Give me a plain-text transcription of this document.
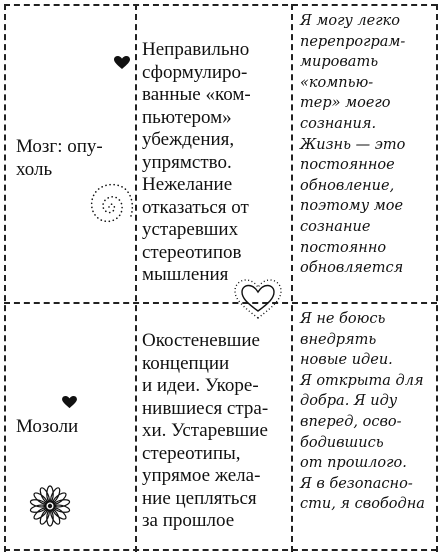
Мозг: опу-
холь
Неправильно
сформулиро-
ванные «ком-
пьютером»
убеждения,
упрямство.
Нежелание
отказаться от
устаревших
стереотипов
мышления
Я могу легко
перепрограм-
мировать
«компью-
тер» моего
сознания.
Жизнь — это
постоянное
обновление,
поэтому мое
сознание
постоянно
обновляется
Мозоли
Окостеневшие
концепции
и идеи. Укоре-
нившиеся стра-
хи. Устаревшие
стереотипы,
упрямое жела-
ние цепляться
за прошлое
Я не боюсь
внедрять
новые идеи.
Я открыта для
добра. Я иду
вперед, осво-
бодившись
от прошлого.
Я в безопасно-
сти, я свободна
